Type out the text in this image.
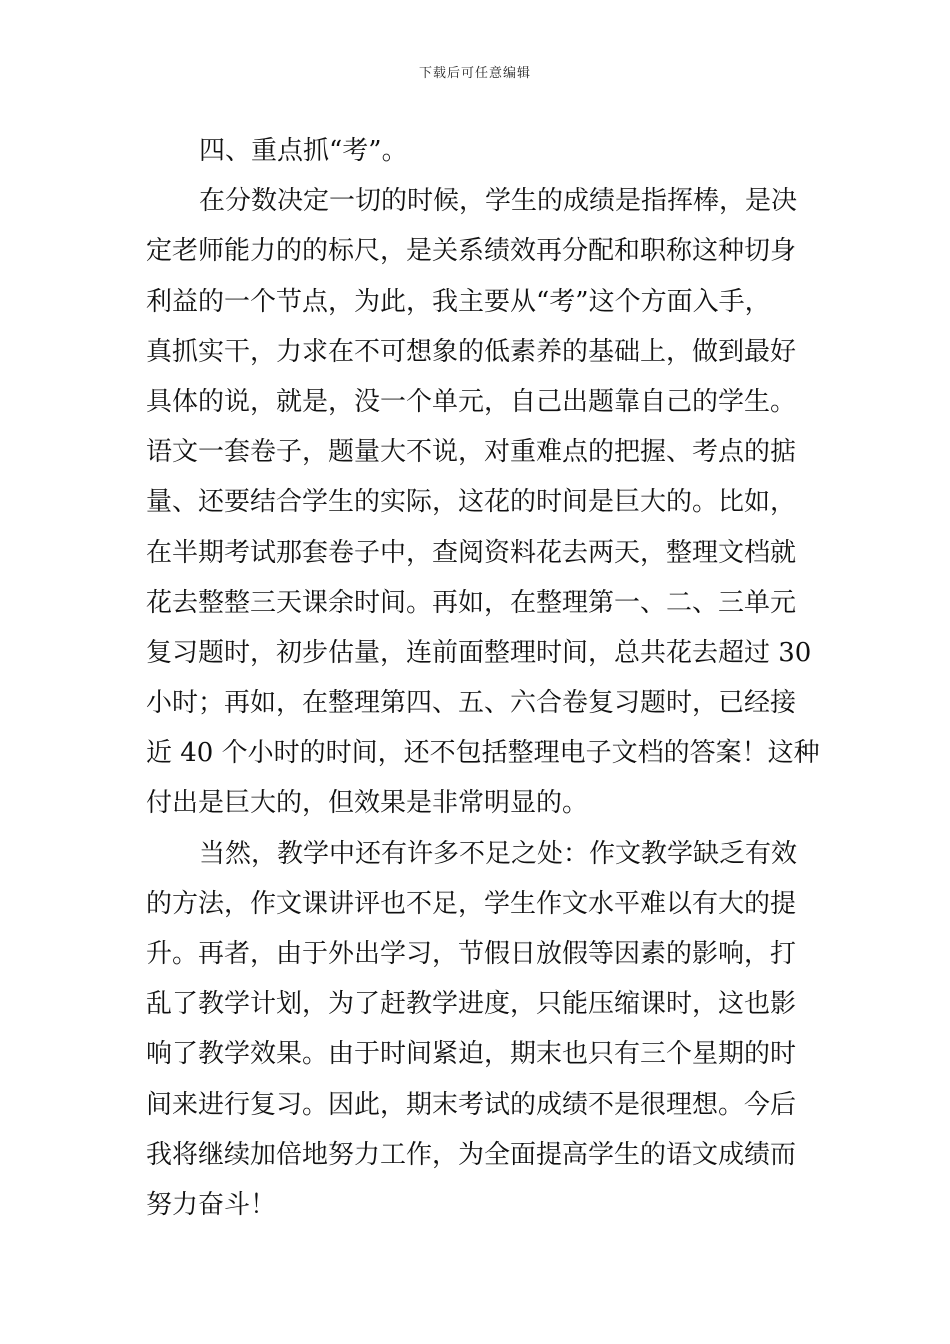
下载后可任意编辑
四、重点抓“考”。
在分数决定一切的时候，学生的成绩是指挥棒，是决
定老师能力的的标尺，是关系绩效再分配和职称这种切身
利益的一个节点，为此，我主要从“考”这个方面入手，
真抓实干，力求在不可想象的低素养的基础上，做到最好
具体的说，就是，没一个单元，自己出题靠自己的学生。
语文一套卷子，题量大不说，对重难点的把握、考点的掂
量、还要结合学生的实际，这花的时间是巨大的。比如，
在半期考试那套卷子中，查阅资料花去两天，整理文档就
花去整整三天课余时间。再如，在整理第一、二、三单元
复习题时，初步估量，连前面整理时间，总共花去超过 30
小时；再如，在整理第四、五、六合卷复习题时，已经接
近 40 个小时的时间，还不包括整理电子文档的答案！这种
付出是巨大的，但效果是非常明显的。
当然，教学中还有许多不足之处：作文教学缺乏有效
的方法，作文课讲评也不足，学生作文水平难以有大的提
升。再者，由于外出学习，节假日放假等因素的影响，打
乱了教学计划，为了赶教学进度，只能压缩课时，这也影
响了教学效果。由于时间紧迫，期末也只有三个星期的时
间来进行复习。因此，期末考试的成绩不是很理想。今后
我将继续加倍地努力工作，为全面提高学生的语文成绩而
努力奋斗！
